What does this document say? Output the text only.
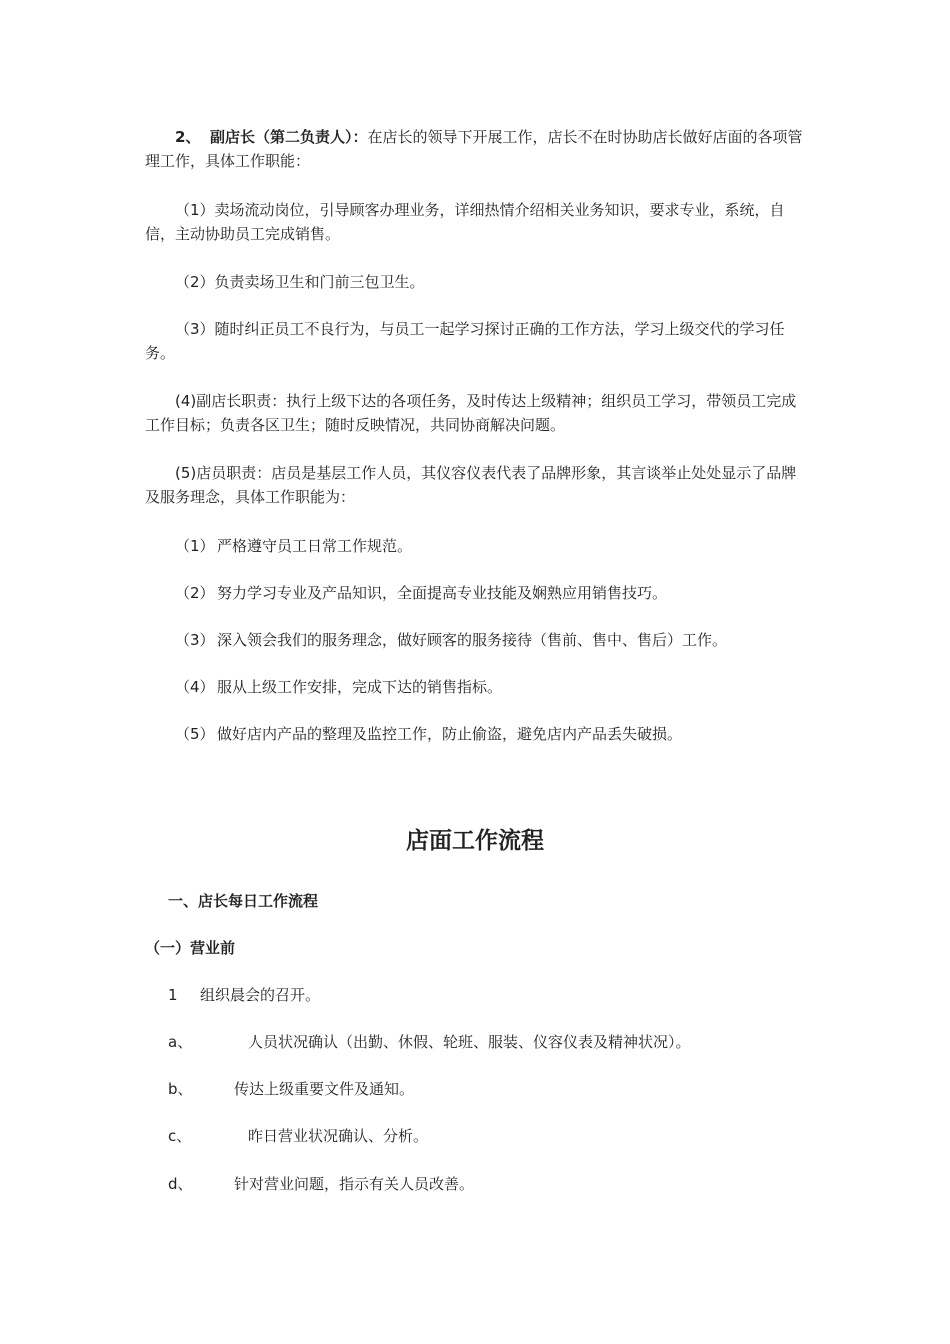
2、 副店长（第二负责人）：在店长的领导下开展工作，店长不在时协助店长做好店面的各项管理工作，具体工作职能：

（1）卖场流动岗位，引导顾客办理业务，详细热情介绍相关业务知识，要求专业，系统，自信，主动协助员工完成销售。

（2）负责卖场卫生和门前三包卫生。

（3）随时纠正员工不良行为，与员工一起学习探讨正确的工作方法，学习上级交代的学习任务。

(4)副店长职责：执行上级下达的各项任务，及时传达上级精神；组织员工学习，带领员工完成工作目标；负责各区卫生；随时反映情况，共同协商解决问题。

(5)店员职责：店员是基层工作人员，其仪容仪表代表了品牌形象，其言谈举止处处显示了品牌及服务理念，具体工作职能为：

（1） 严格遵守员工日常工作规范。
（2） 努力学习专业及产品知识，全面提高专业技能及娴熟应用销售技巧。
（3） 深入领会我们的服务理念，做好顾客的服务接待（售前、售中、售后）工作。
（4） 服从上级工作安排，完成下达的销售指标。
（5） 做好店内产品的整理及监控工作，防止偷盗，避免店内产品丢失破损。
店面工作流程
一、店长每日工作流程
（一）营业前
1 组织晨会的召开。
a、	人员状况确认（出勤、休假、轮班、服装、仪容仪表及精神状况）。
b、	传达上级重要文件及通知。
c、	昨日营业状况确认、分析。
d、	针对营业问题，指示有关人员改善。
